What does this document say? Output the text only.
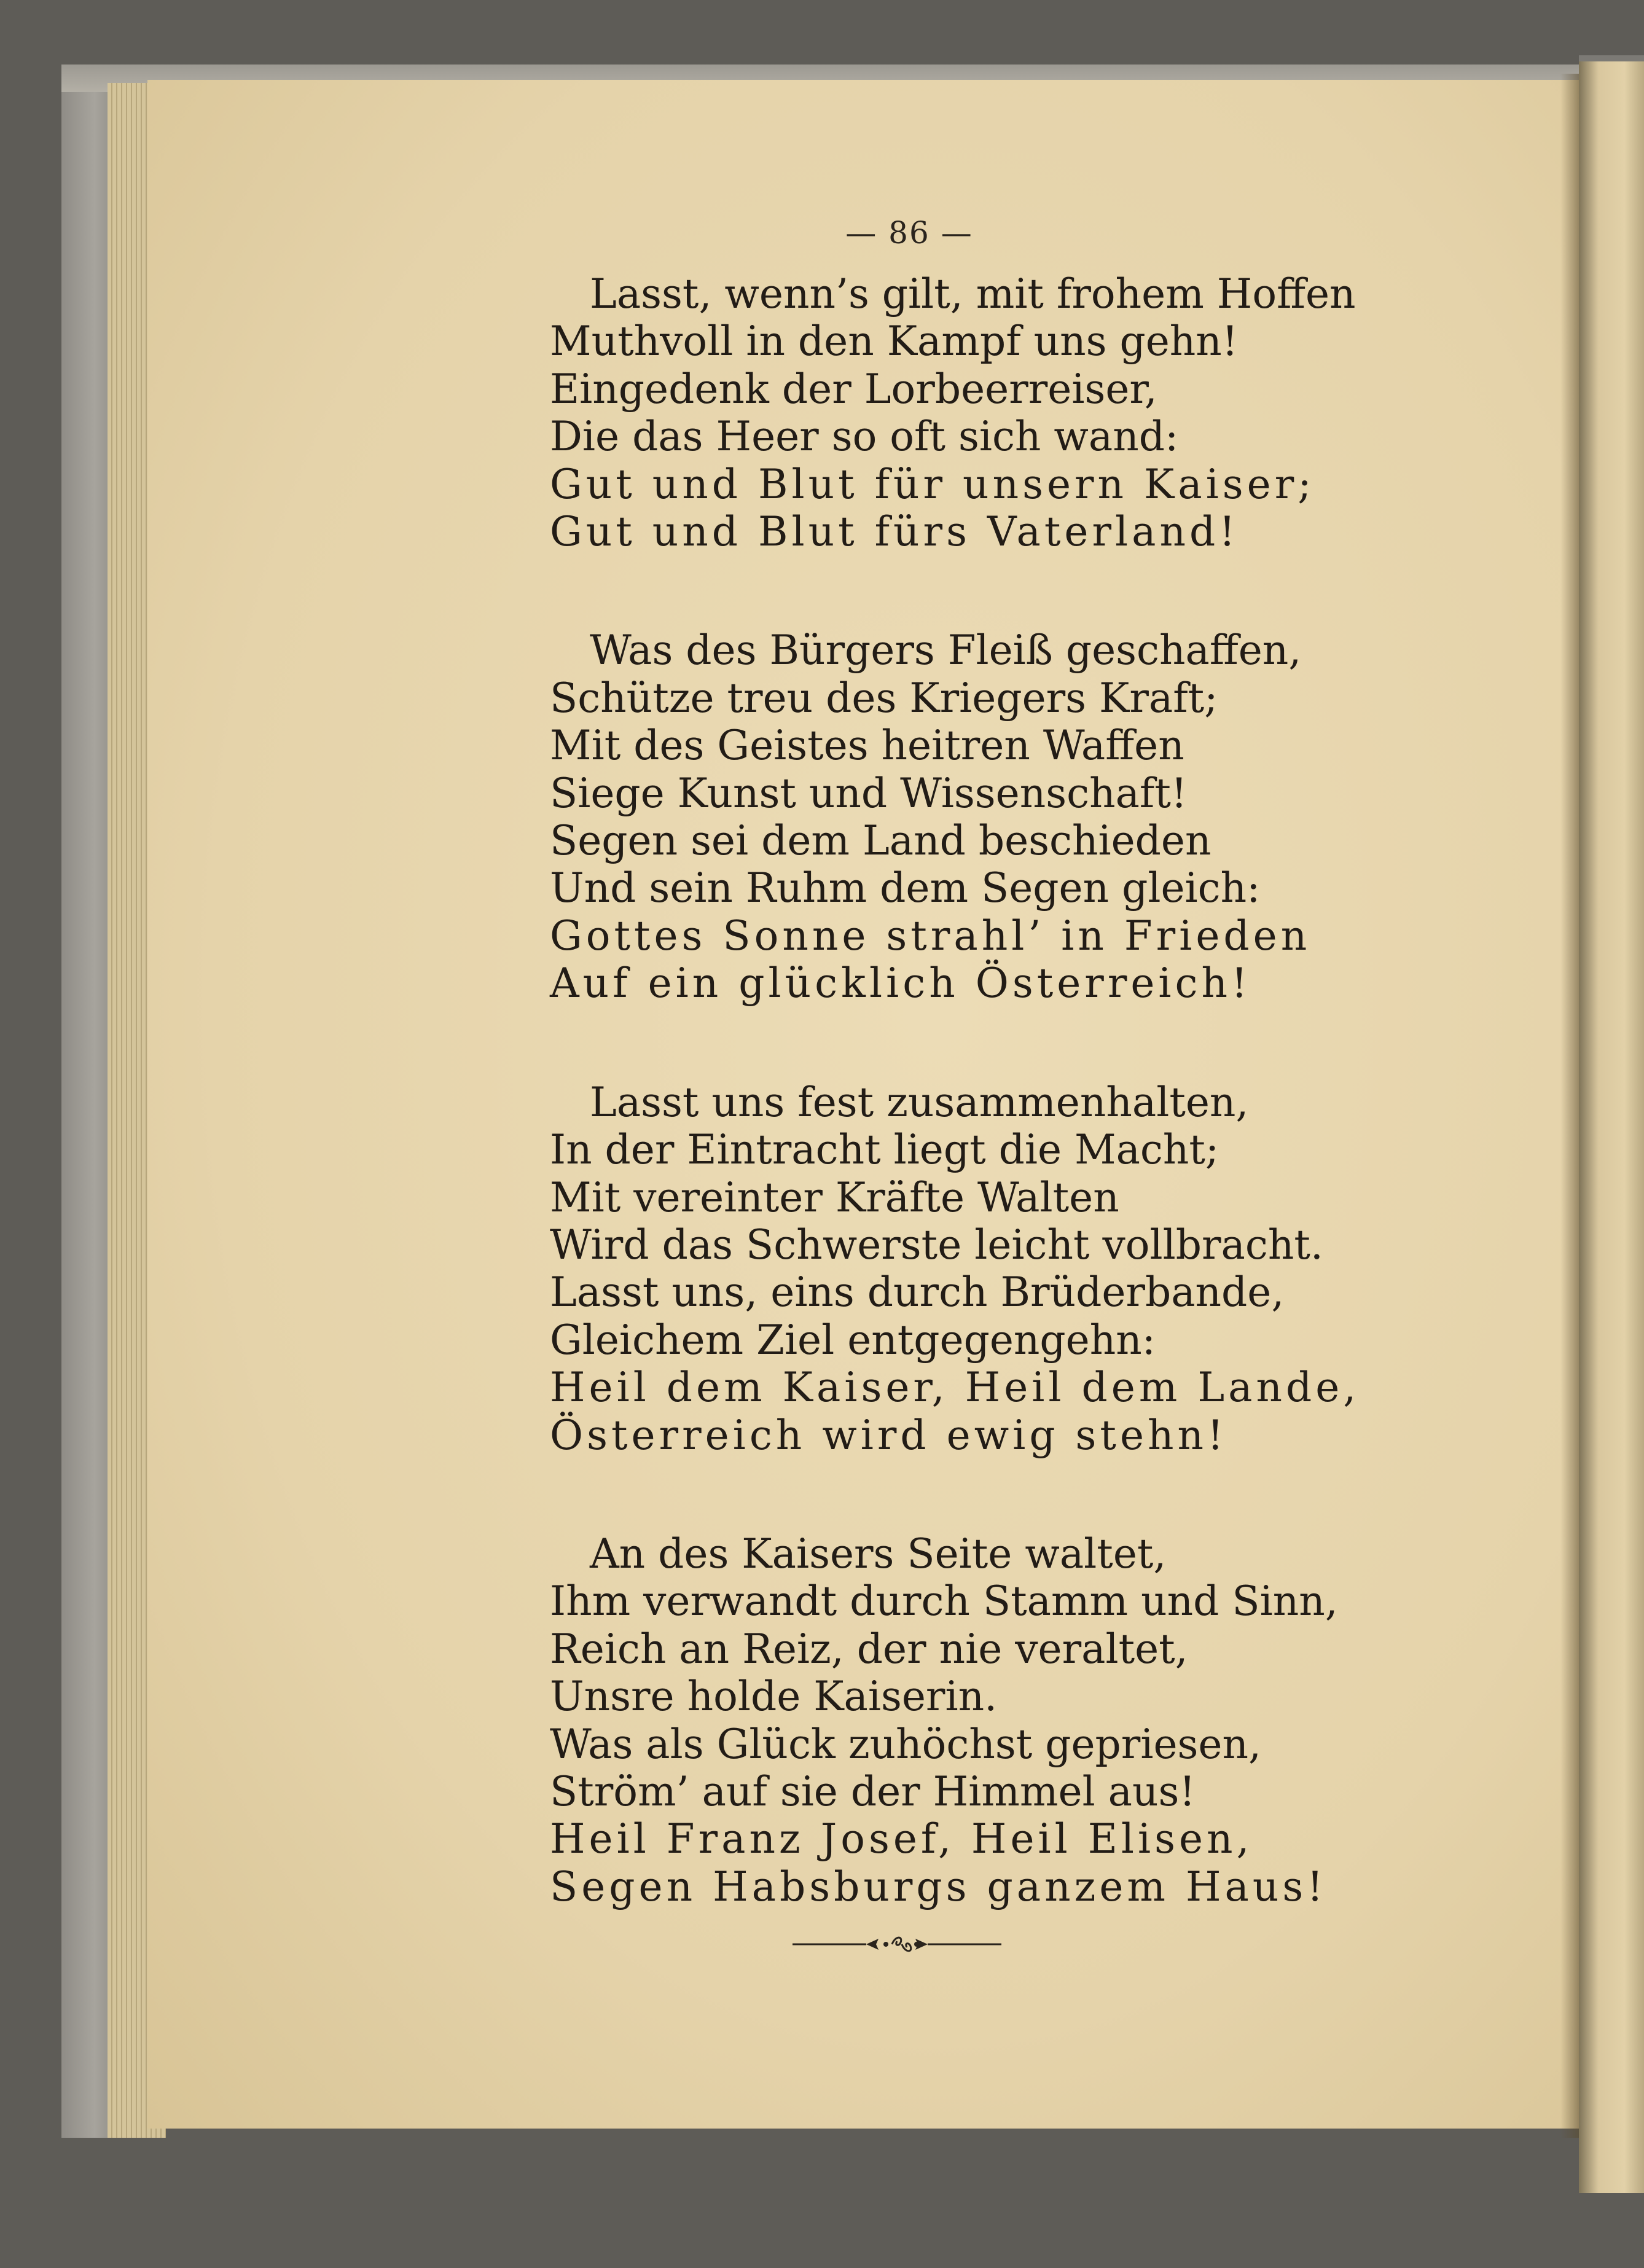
— 86 —
Lasst, wenn’s gilt, mit frohem Hoffen
Muthvoll in den Kampf uns gehn!
Eingedenk der Lorbeerreiser,
Die das Heer so oft sich wand:
Gut und Blut für unsern Kaiser;
Gut und Blut fürs Vaterland!
Was des Bürgers Fleiß geschaffen,
Schütze treu des Kriegers Kraft;
Mit des Geistes heitren Waffen
Siege Kunst und Wissenschaft!
Segen sei dem Land beschieden
Und sein Ruhm dem Segen gleich:
Gottes Sonne strahl’ in Frieden
Auf ein glücklich Österreich!
Lasst uns fest zusammenhalten,
In der Eintracht liegt die Macht;
Mit vereinter Kräfte Walten
Wird das Schwerste leicht vollbracht.
Lasst uns, eins durch Brüderbande,
Gleichem Ziel entgegengehn:
Heil dem Kaiser, Heil dem Lande,
Österreich wird ewig stehn!
An des Kaisers Seite waltet,
Ihm verwandt durch Stamm und Sinn,
Reich an Reiz, der nie veraltet,
Unsre holde Kaiserin.
Was als Glück zuhöchst gepriesen,
Ström’ auf sie der Himmel aus!
Heil Franz Josef, Heil Elisen,
Segen Habsburgs ganzem Haus!
